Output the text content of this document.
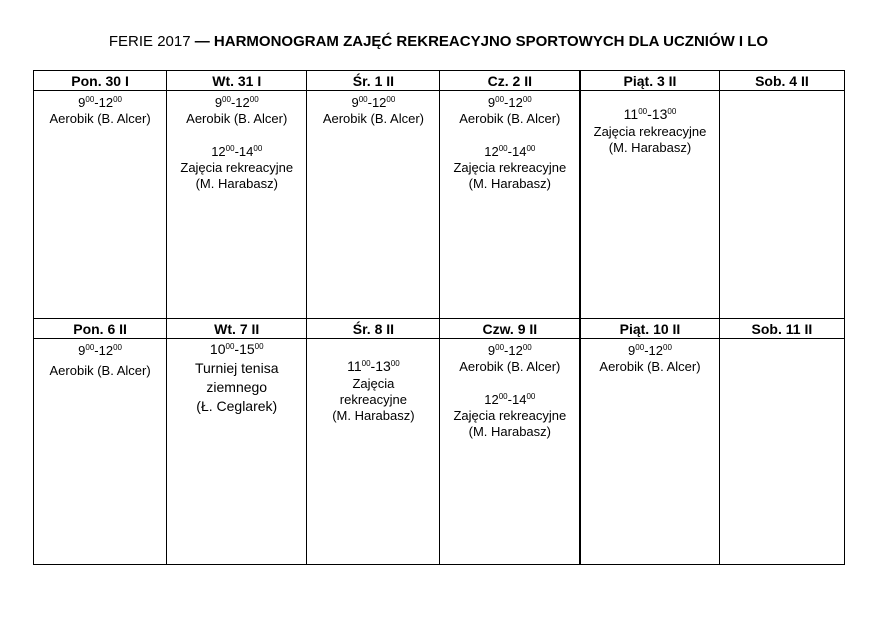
FERIE 2017 — HARMONOGRAM ZAJĘĆ REKREACYJNO SPORTOWYCH DLA UCZNIÓW I LO
Pon. 30 I	Wt. 31 I	Śr. 1 II	Cz. 2 II	Piąt. 3 II	Sob. 4 II

$9^{00}-12^{00}$
Aerobik (B. Alcer)	$9^{00}-12^{00}$
Aerobik (B. Alcer)
$12^{00}-14^{00}$
Zajęcia rekreacyjne
(M. Harabasz)	$9^{00}-12^{00}$
Aerobik (B. Alcer)	$9^{00}-12^{00}$
Aerobik (B. Alcer)
$12^{00}-14^{00}$
Zajęcia rekreacyjne
(M. Harabasz)	$11^{00}-13^{00}$
Zajęcia rekreacyjne
(M. Harabasz)	

Pon. 6 II	Wt. 7 II	Śr. 8 II	Czw. 9 II	Piąt. 10 II	Sob. 11 II

$9^{00}-12^{00}$
Aerobik (B. Alcer)	$10^{00}-15^{00}$
Turniej tenisa
ziemnego
(Ł. Ceglarek)	$11^{00}-13^{00}$
Zajęcia
rekreacyjne
(M. Harabasz)	$9^{00}-12^{00}$
Aerobik (B. Alcer)
$12^{00}-14^{00}$
Zajęcia rekreacyjne
(M. Harabasz)	$9^{00}-12^{00}$
Aerobik (B. Alcer)	
